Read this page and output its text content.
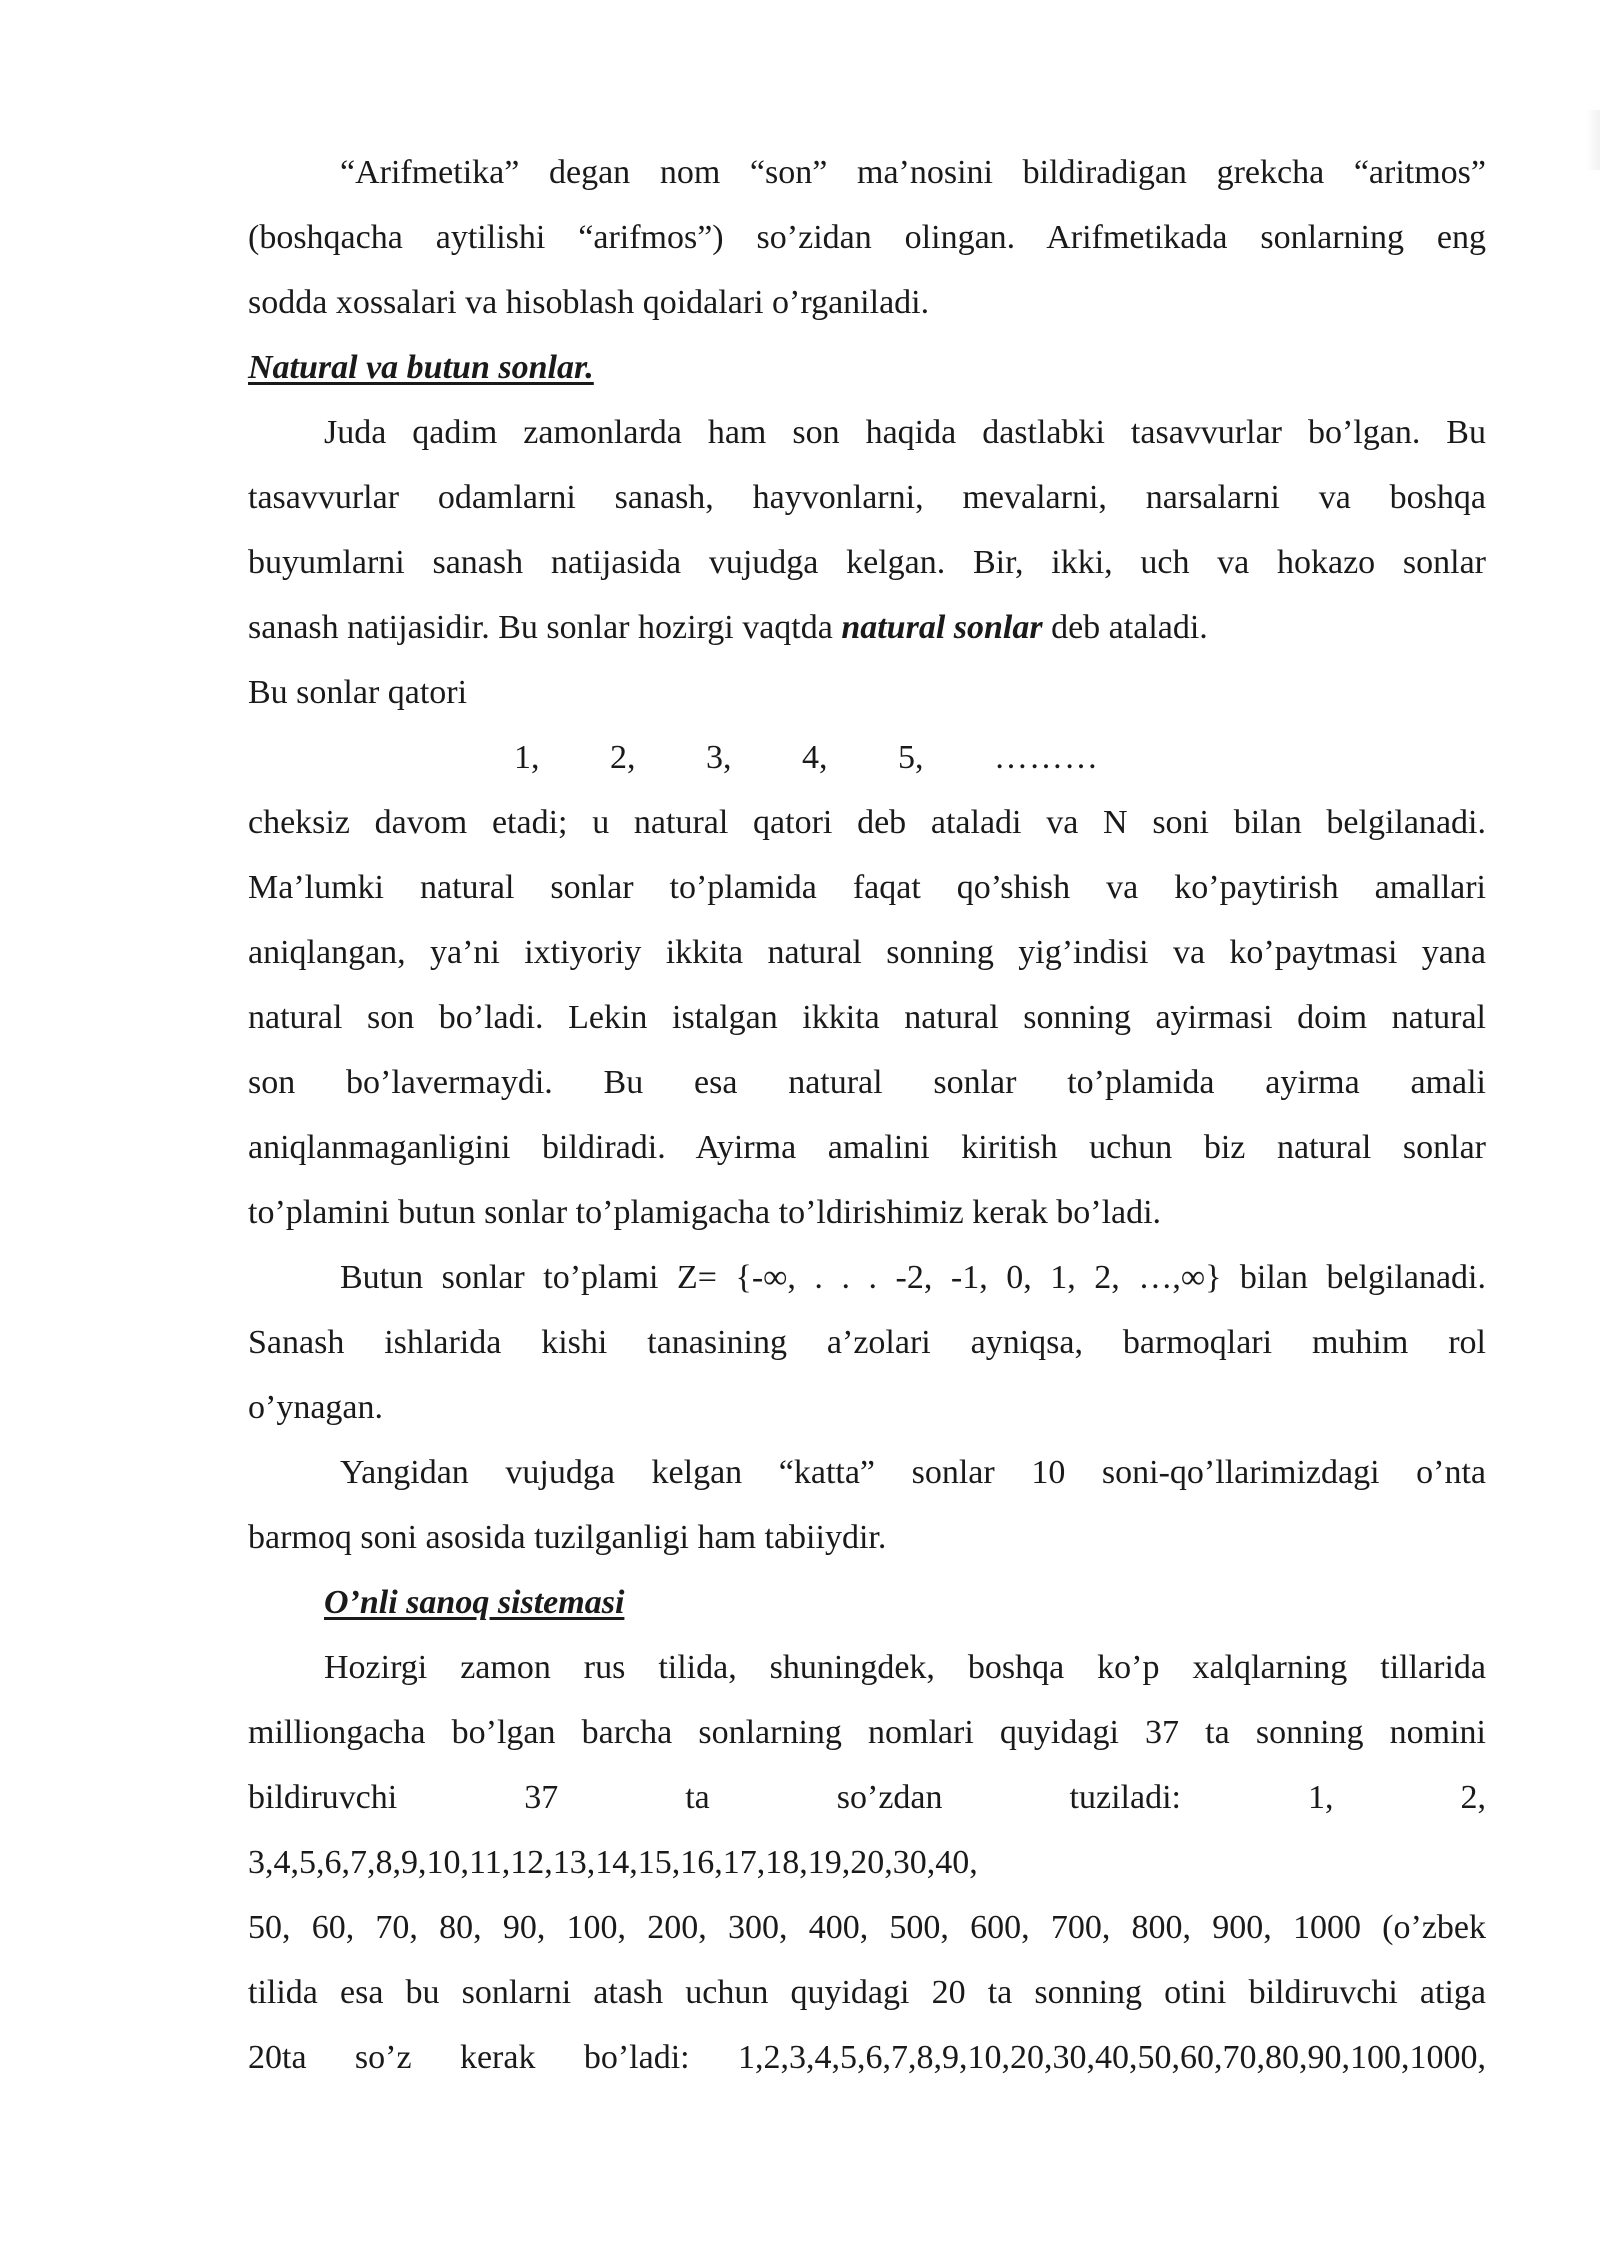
“Arifmetika” degan nom “son” ma’nosini bildiradigan grekcha “aritmos”
(boshqacha aytilishi “arifmos”) so’zidan olingan. Arifmetikada sonlarning eng
sodda xossalari va hisoblash qoidalari o’rganiladi.
Natural va butun sonlar.
Juda qadim zamonlarda ham son haqida dastlabki tasavvurlar bo’lgan. Bu
tasavvurlar odamlarni sanash, hayvonlarni, mevalarni, narsalarni va boshqa
buyumlarni sanash natijasida vujudga kelgan. Bir, ikki, uch va hokazo sonlar
sanash natijasidir. Bu sonlar hozirgi vaqtda natural sonlar deb ataladi.
Bu sonlar qatori
1, 2, 3, 4, 5, ………
cheksiz davom etadi; u natural qatori deb ataladi va N soni bilan belgilanadi.
Ma’lumki natural sonlar to’plamida faqat qo’shish va ko’paytirish amallari
aniqlangan, ya’ni ixtiyoriy ikkita natural sonning yig’indisi va ko’paytmasi yana
natural son bo’ladi. Lekin istalgan ikkita natural sonning ayirmasi doim natural
son bo’lavermaydi. Bu esa natural sonlar to’plamida ayirma amali
aniqlanmaganligini bildiradi. Ayirma amalini kiritish uchun biz natural sonlar
to’plamini butun sonlar to’plamigacha to’ldirishimiz kerak bo’ladi.
Butun sonlar to’plami Z= {-∞, . . . -2, -1, 0, 1, 2, …,∞} bilan belgilanadi.
Sanash ishlarida kishi tanasining a’zolari ayniqsa, barmoqlari muhim rol
o’ynagan.
Yangidan vujudga kelgan “katta” sonlar 10 soni-qo’llarimizdagi o’nta
barmoq soni asosida tuzilganligi ham tabiiydir.
O’nli sanoq sistemasi
Hozirgi zamon rus tilida, shuningdek, boshqa ko’p xalqlarning tillarida
milliongacha bo’lgan barcha sonlarning nomlari quyidagi 37 ta sonning nomini
bildiruvchi 37 ta so’zdan tuziladi: 1, 2,
3,4,5,6,7,8,9,10,11,12,13,14,15,16,17,18,19,20,30,40,
50, 60, 70, 80, 90, 100, 200, 300, 400, 500, 600, 700, 800, 900, 1000 (o’zbek
tilida esa bu sonlarni atash uchun quyidagi 20 ta sonning otini bildiruvchi atiga
20ta so’z kerak bo’ladi: 1,2,3,4,5,6,7,8,9,10,20,30,40,50,60,70,80,90,100,1000,
